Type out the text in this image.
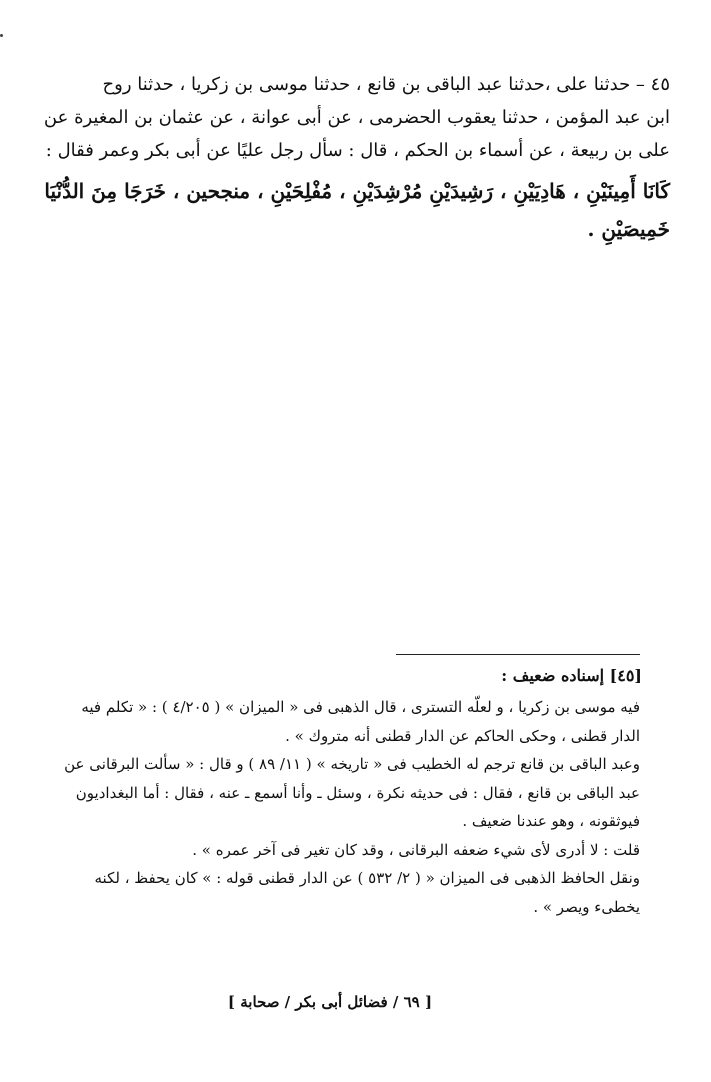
٤٥ – حدثنا على ،حدثنا عبد الباقى بن قانع ، حدثنا موسى بن زكريا ، حدثنا روح

ابن عبد المؤمن ، حدثنا يعقوب الحضرمى ، عن أبى عوانة ، عن عثمان بن المغيرة عن

على بن ربيعة ، عن أسماء بن الحكم ، قال : سأل رجل عليًا عن أبى بكر وعمر فقال :

كَانَا أَمِينَيْنِ ، هَادِيَيْنِ ، رَشِيدَيْنِ مُرْشِدَيْنِ ، مُفْلِحَيْنِ ، منجحين ، خَرَجَا مِنَ الدُّنْيَا

خَمِيصَيْنِ .

[٤٥] إسناده ضعيف :

فيه موسى بن زكريا ، و لعلّه التسترى ، قال الذهبى فى « الميزان » ( ٤/٢٠٥ ) : « تكلم فيه

الدار قطنى ، وحكى الحاكم عن الدار قطنى أنه متروك » .

وعبد الباقى بن قانع ترجم له الخطيب فى « تاريخه » ( ١١/ ٨٩ ) و قال : « سألت البرقانى عن

عبد الباقى بن قانع ، فقال : فى حديثه نكرة ، وسئل ـ وأنا أسمع ـ عنه ، فقال : أما البغداديون

فيوثقونه ، وهو عندنا ضعيف .

قلت : لا أدرى لأى شيء ضعفه البرقانى ، وقد كان تغير فى آخر عمره » .

ونقل الحافظ الذهبى فى الميزان « ( ٢/ ٥٣٢ ) عن الدار قطنى قوله : » كان يحفظ ، لكنه

يخطىء ويصر » .

[ ٦٩ / فضائل أبى بكر / صحابة ]
